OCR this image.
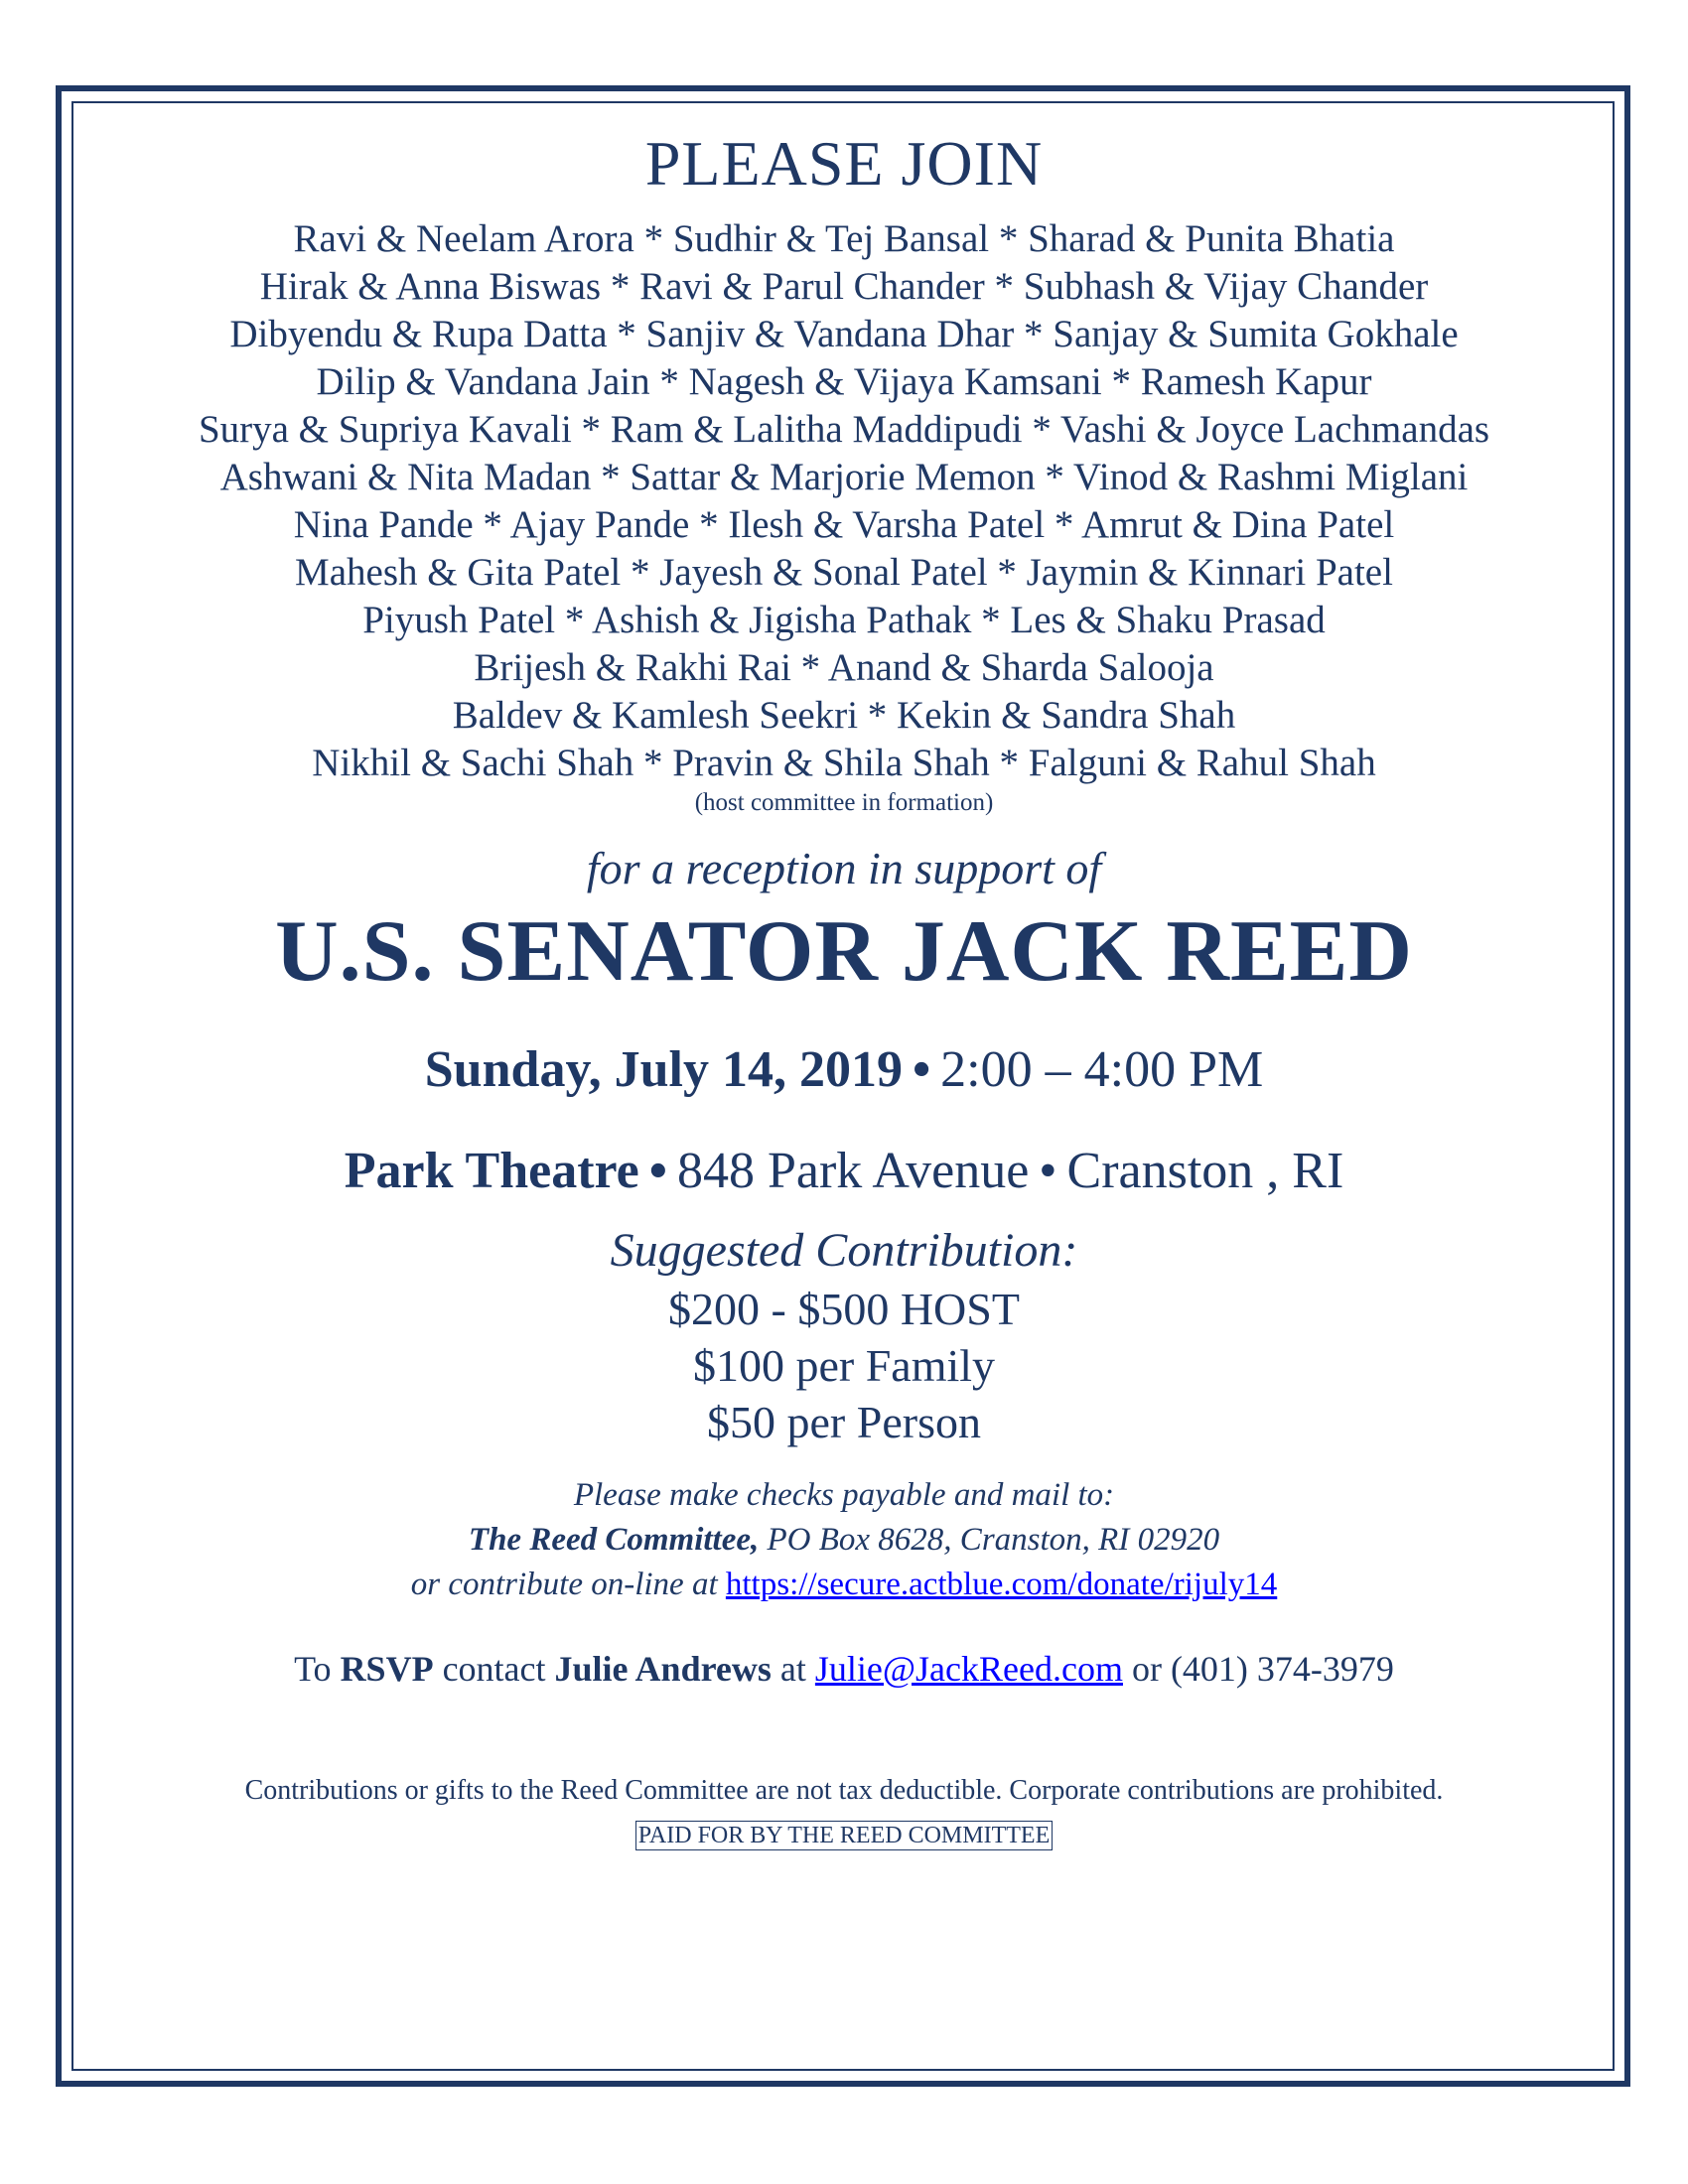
PLEASE JOIN
Ravi & Neelam Arora * Sudhir & Tej Bansal * Sharad & Punita Bhatia
Hirak & Anna Biswas * Ravi & Parul Chander * Subhash & Vijay Chander
Dibyendu & Rupa Datta * Sanjiv & Vandana Dhar * Sanjay & Sumita Gokhale
Dilip & Vandana Jain * Nagesh & Vijaya Kamsani * Ramesh Kapur
Surya & Supriya Kavali * Ram & Lalitha Maddipudi * Vashi & Joyce Lachmandas
Ashwani & Nita Madan * Sattar & Marjorie Memon * Vinod & Rashmi Miglani
Nina Pande * Ajay Pande * Ilesh & Varsha Patel * Amrut & Dina Patel
Mahesh & Gita Patel * Jayesh & Sonal Patel * Jaymin & Kinnari Patel
Piyush Patel * Ashish & Jigisha Pathak * Les & Shaku Prasad
Brijesh & Rakhi Rai * Anand & Sharda Salooja
Baldev & Kamlesh Seekri * Kekin & Sandra Shah
Nikhil & Sachi Shah * Pravin & Shila Shah * Falguni & Rahul Shah
(host committee in formation)
for a reception in support of
U.S. SENATOR JACK REED
Sunday, July 14, 2019 • 2:00 – 4:00 PM
Park Theatre • 848 Park Avenue • Cranston , RI
Suggested Contribution:
$200 - $500 HOST
$100 per Family
$50 per Person
Please make checks payable and mail to:
The Reed Committee, PO Box 8628, Cranston, RI 02920
or contribute on-line at https://secure.actblue.com/donate/rijuly14
To RSVP contact Julie Andrews at Julie@JackReed.com or (401) 374-3979
Contributions or gifts to the Reed Committee are not tax deductible. Corporate contributions are prohibited.
PAID FOR BY THE REED COMMITTEE
